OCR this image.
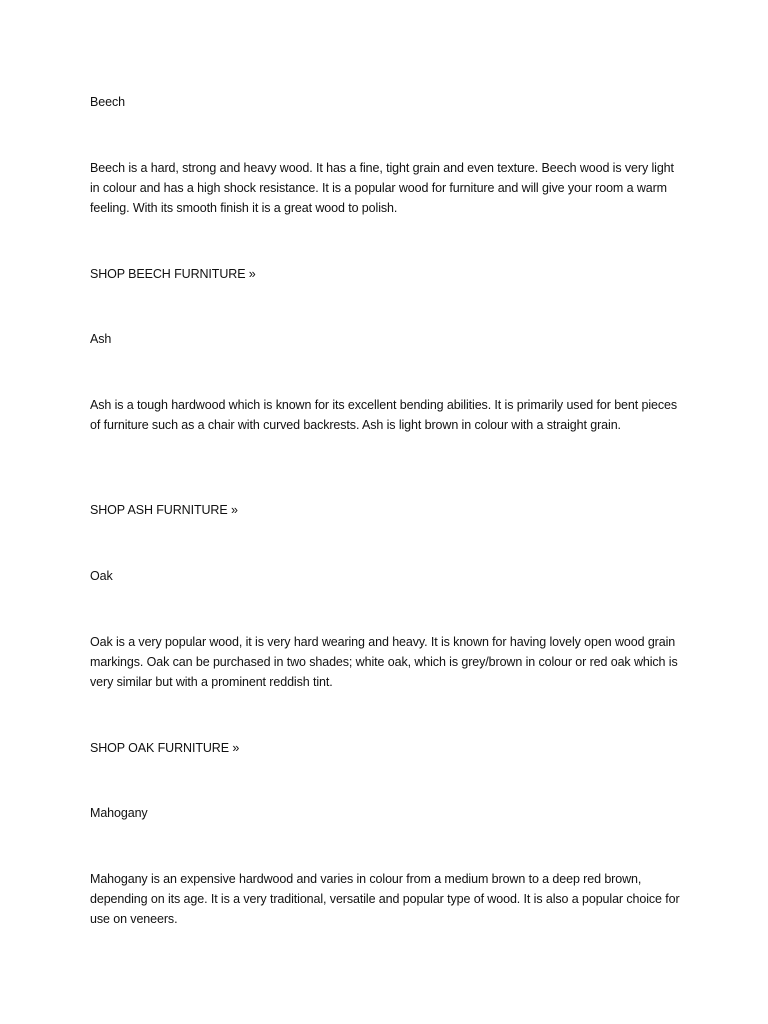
Beech

Beech is a hard, strong and heavy wood. It has a fine, tight grain and even texture. Beech wood is very light in colour and has a high shock resistance. It is a popular wood for furniture and will give your room a warm feeling. With its smooth finish it is a great wood to polish.

SHOP BEECH FURNITURE »

Ash

Ash is a tough hardwood which is known for its excellent bending abilities. It is primarily used for bent pieces of furniture such as a chair with curved backrests. Ash is light brown in colour with a straight grain.

SHOP ASH FURNITURE »

Oak

Oak is a very popular wood, it is very hard wearing and heavy. It is known for having lovely open wood grain markings. Oak can be purchased in two shades; white oak, which is grey/brown in colour or red oak which is very similar but with a prominent reddish tint.

SHOP OAK FURNITURE »

Mahogany

Mahogany is an expensive hardwood and varies in colour from a medium brown to a deep red brown, depending on its age. It is a very traditional, versatile and popular type of wood. It is also a popular choice for use on veneers.
